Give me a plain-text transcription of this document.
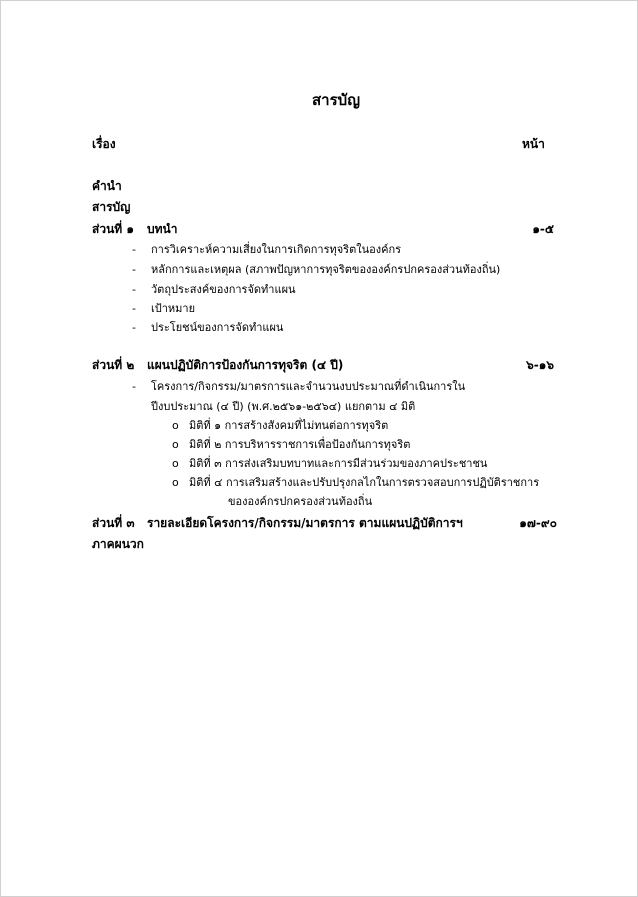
สารบัญ
เรื่อง	หน้า
คำนำ
สารบัญ
ส่วนที่ ๑ บทนำ	๑-๕
- การวิเคราะห์ความเสี่ยงในการเกิดการทุจริตในองค์กร
- หลักการและเหตุผล (สภาพปัญหาการทุจริตขององค์กรปกครองส่วนท้องถิ่น)
- วัตถุประสงค์ของการจัดทำแผน
- เป้าหมาย
- ประโยชน์ของการจัดทำแผน
ส่วนที่ ๒ แผนปฏิบัติการป้องกันการทุจริต (๔ ปี)	๖-๑๖
- โครงการ/กิจกรรม/มาตรการและจำนวนงบประมาณที่ดำเนินการใน
ปีงบประมาณ (๔ ปี) (พ.ศ.๒๕๖๑-๒๕๖๔) แยกตาม ๔ มิติ
o มิติที่ ๑ การสร้างสังคมที่ไม่ทนต่อการทุจริต
o มิติที่ ๒ การบริหารราชการเพื่อป้องกันการทุจริต
o มิติที่ ๓ การส่งเสริมบทบาทและการมีส่วนร่วมของภาคประชาชน
o มิติที่ ๔ การเสริมสร้างและปรับปรุงกลไกในการตรวจสอบการปฏิบัติราชการ
ขององค์กรปกครองส่วนท้องถิ่น
ส่วนที่ ๓ รายละเอียดโครงการ/กิจกรรม/มาตรการ ตามแผนปฏิบัติการฯ	๑๗-๙๐
ภาคผนวก
